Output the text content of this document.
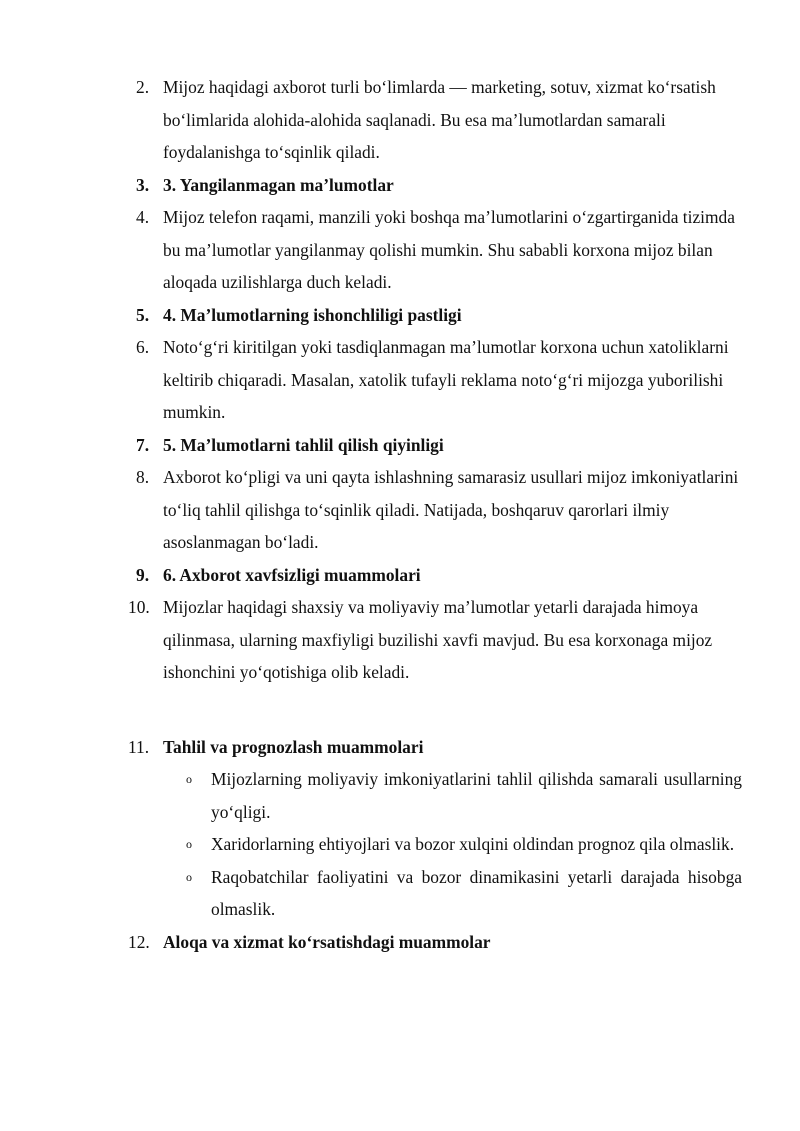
2. Mijoz haqidagi axborot turli bo‘limlarda — marketing, sotuv, xizmat ko‘rsatish bo‘limlarida alohida-alohida saqlanadi. Bu esa ma’lumotlardan samarali foydalanishga to‘sqinlik qiladi.
3. 3. Yangilanmagan ma’lumotlar
4. Mijoz telefon raqami, manzili yoki boshqa ma’lumotlarini o‘zgartirganida tizimda bu ma’lumotlar yangilanmay qolishi mumkin. Shu sababli korxona mijoz bilan aloqada uzilishlarga duch keladi.
5. 4. Ma’lumotlarning ishonchliligi pastligi
6. Noto‘g‘ri kiritilgan yoki tasdiqlanmagan ma’lumotlar korxona uchun xatoliklarni keltirib chiqaradi. Masalan, xatolik tufayli reklama noto‘g‘ri mijozga yuborilishi mumkin.
7. 5. Ma’lumotlarni tahlil qilish qiyinligi
8. Axborot ko‘pligi va uni qayta ishlashning samarasiz usullari mijoz imkoniyatlarini to‘liq tahlil qilishga to‘sqinlik qiladi. Natijada, boshqaruv qarorlari ilmiy asoslanmagan bo‘ladi.
9. 6. Axborot xavfsizligi muammolari
10. Mijozlar haqidagi shaxsiy va moliyaviy ma’lumotlar yetarli darajada himoya qilinmasa, ularning maxfiyligi buzilishi xavfi mavjud. Bu esa korxonaga mijoz ishonchini yo‘qotishiga olib keladi.
11. Tahlil va prognozlash muammolari
o Mijozlarning moliyaviy imkoniyatlarini tahlil qilishda samarali usullarning yo‘qligi.
o Xaridorlarning ehtiyojlari va bozor xulqini oldindan prognoz qila olmaslik.
o Raqobatchilar faoliyatini va bozor dinamikasini yetarli darajada hisobga olmaslik.
12. Aloqa va xizmat ko‘rsatishdagi muammolar
